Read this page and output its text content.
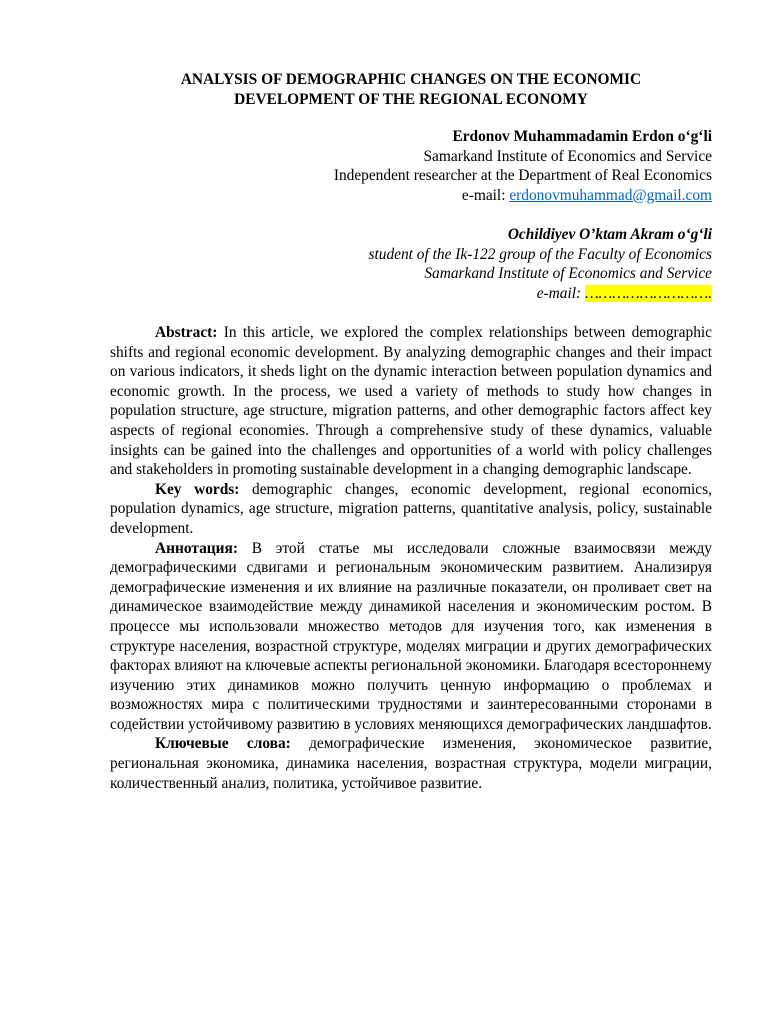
ANALYSIS OF DEMOGRAPHIC CHANGES ON THE ECONOMIC
DEVELOPMENT OF THE REGIONAL ECONOMY
Erdonov Muhammadamin Erdon o‘g‘li
Samarkand Institute of Economics and Service
Independent researcher at the Department of Real Economics
e-mail: erdonovmuhammad@gmail.com
Ochildiyev O’ktam Akram o‘g‘li
student of the Ik-122 group of the Faculty of Economics
Samarkand Institute of Economics and Service
e-mail: ……………………….

Abstract: In this article, we explored the complex relationships between demographic shifts and regional economic development. By analyzing demographic changes and their impact on various indicators, it sheds light on the dynamic interaction between population dynamics and economic growth. In the process, we used a variety of methods to study how changes in population structure, age structure, migration patterns, and other demographic factors affect key aspects of regional economies. Through a comprehensive study of these dynamics, valuable insights can be gained into the challenges and opportunities of a world with policy challenges and stakeholders in promoting sustainable development in a changing demographic landscape.

Key words: demographic changes, economic development, regional economics, population dynamics, age structure, migration patterns, quantitative analysis, policy, sustainable development.

Аннотация: В этой статье мы исследовали сложные взаимосвязи между демографическими сдвигами и региональным экономическим развитием. Анализируя демографические изменения и их влияние на различные показатели, он проливает свет на динамическое взаимодействие между динамикой населения и экономическим ростом. В процессе мы использовали множество методов для изучения того, как изменения в структуре населения, возрастной структуре, моделях миграции и других демографических факторах влияют на ключевые аспекты региональной экономики. Благодаря всестороннему изучению этих динамиков можно получить ценную информацию о проблемах и возможностях мира с политическими трудностями и заинтересованными сторонами в содействии устойчивому развитию в условиях меняющихся демографических ландшафтов.

Ключевые слова: демографические изменения, экономическое развитие, региональная экономика, динамика населения, возрастная структура, модели миграции, количественный анализ, политика, устойчивое развитие.
